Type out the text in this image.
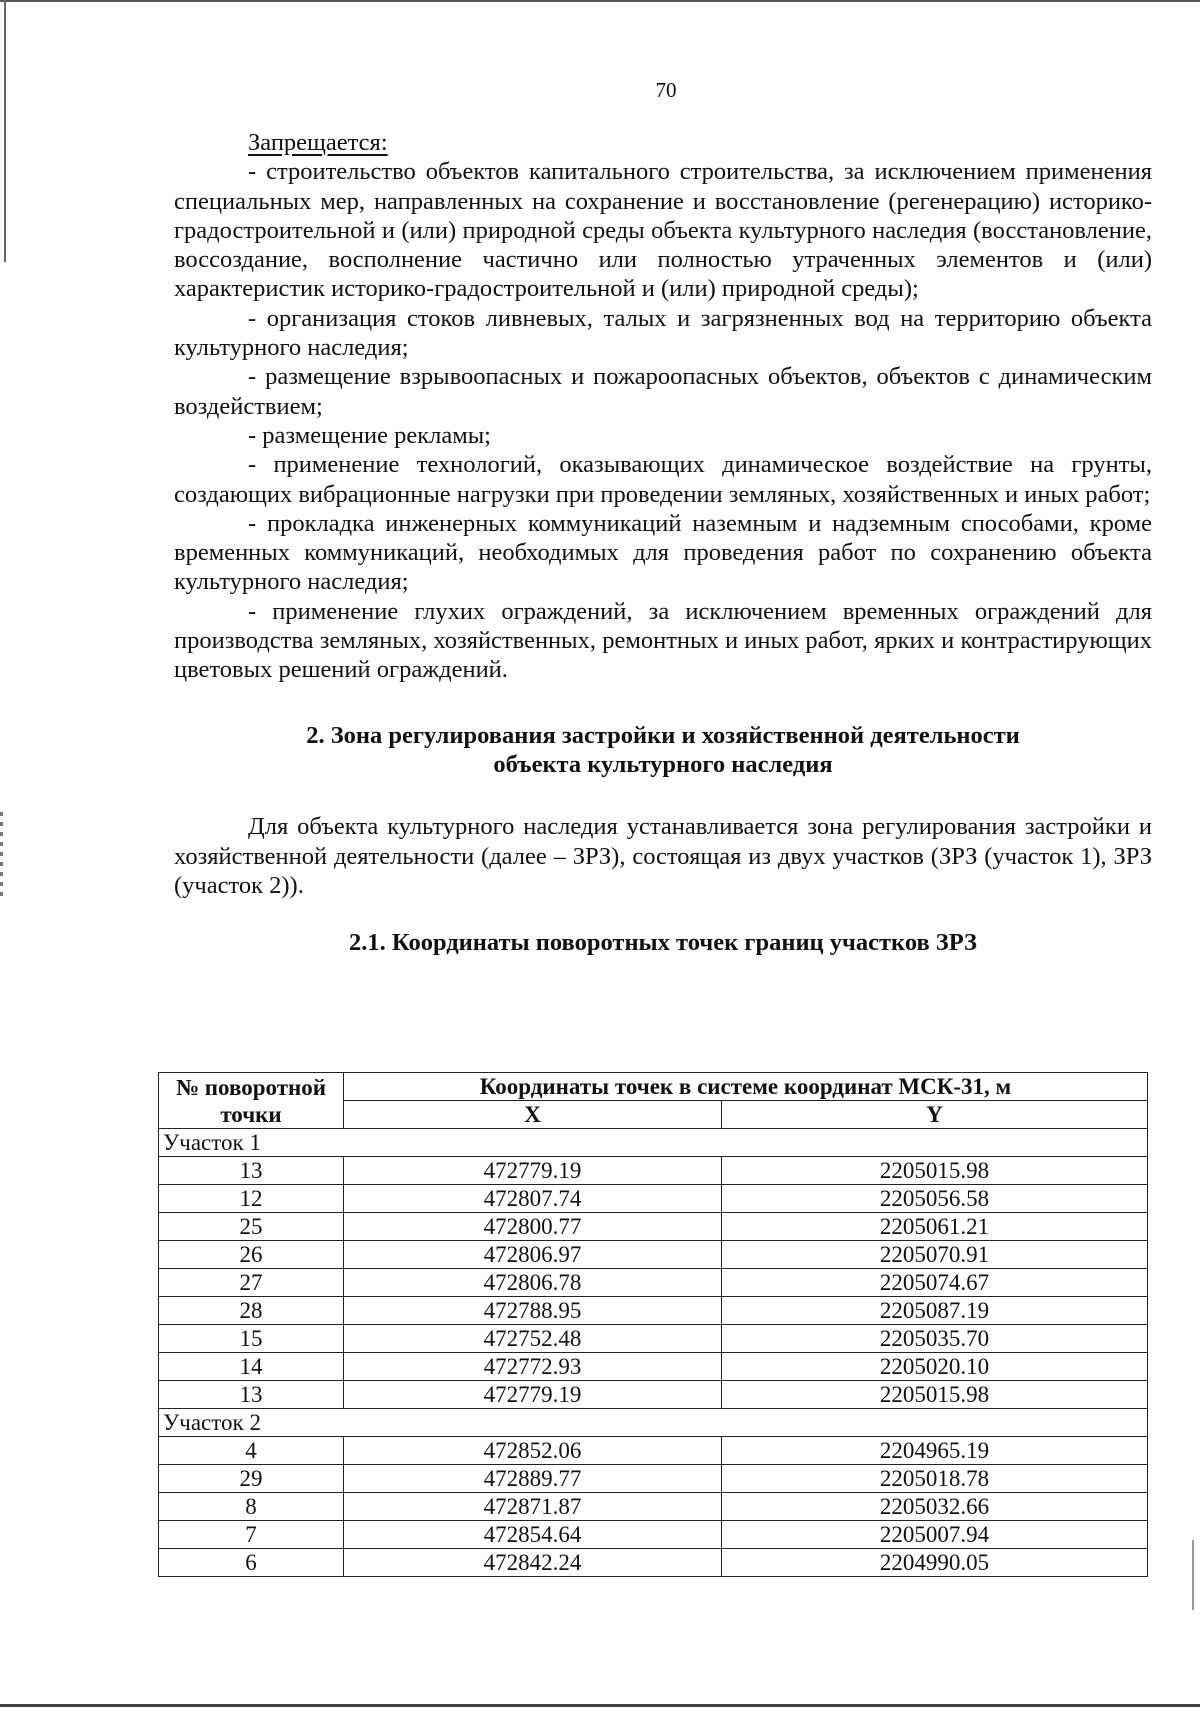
70

Запрещается:

- строительство объектов капитального строительства, за исключением применения специальных мер, направленных на сохранение и восстановление (регенерацию) историко-градостроительной и (или) природной среды объекта культурного наследия (восстановление, воссоздание, восполнение частично или полностью утраченных элементов и (или) характеристик историко-градостроительной и (или) природной среды);

- организация стоков ливневых, талых и загрязненных вод на территорию объекта культурного наследия;

- размещение взрывоопасных и пожароопасных объектов, объектов с динамическим воздействием;

- размещение рекламы;

- применение технологий, оказывающих динамическое воздействие на грунты, создающих вибрационные нагрузки при проведении земляных, хозяйственных и иных работ;

- прокладка инженерных коммуникаций наземным и надземным способами, кроме временных коммуникаций, необходимых для проведения работ по сохранению объекта культурного наследия;

- применение глухих ограждений, за исключением временных ограждений для производства земляных, хозяйственных, ремонтных и иных работ, ярких и контрастирующих цветовых решений ограждений.

2. Зона регулирования застройки и хозяйственной деятельности
объекта культурного наследия

Для объекта культурного наследия устанавливается зона регулирования застройки и хозяйственной деятельности (далее – ЗРЗ), состоящая из двух участков (ЗРЗ (участок 1), ЗРЗ (участок 2)).

2.1. Координаты поворотных точек границ участков ЗРЗ
№ поворотной
точки	Координаты точек в системе координат МСК-31, м	
	X	Y
Участок 1		
13	472779.19	2205015.98
12	472807.74	2205056.58
25	472800.77	2205061.21
26	472806.97	2205070.91
27	472806.78	2205074.67
28	472788.95	2205087.19
15	472752.48	2205035.70
14	472772.93	2205020.10
13	472779.19	2205015.98
Участок 2		
4	472852.06	2204965.19
29	472889.77	2205018.78
8	472871.87	2205032.66
7	472854.64	2205007.94
6	472842.24	2204990.05
